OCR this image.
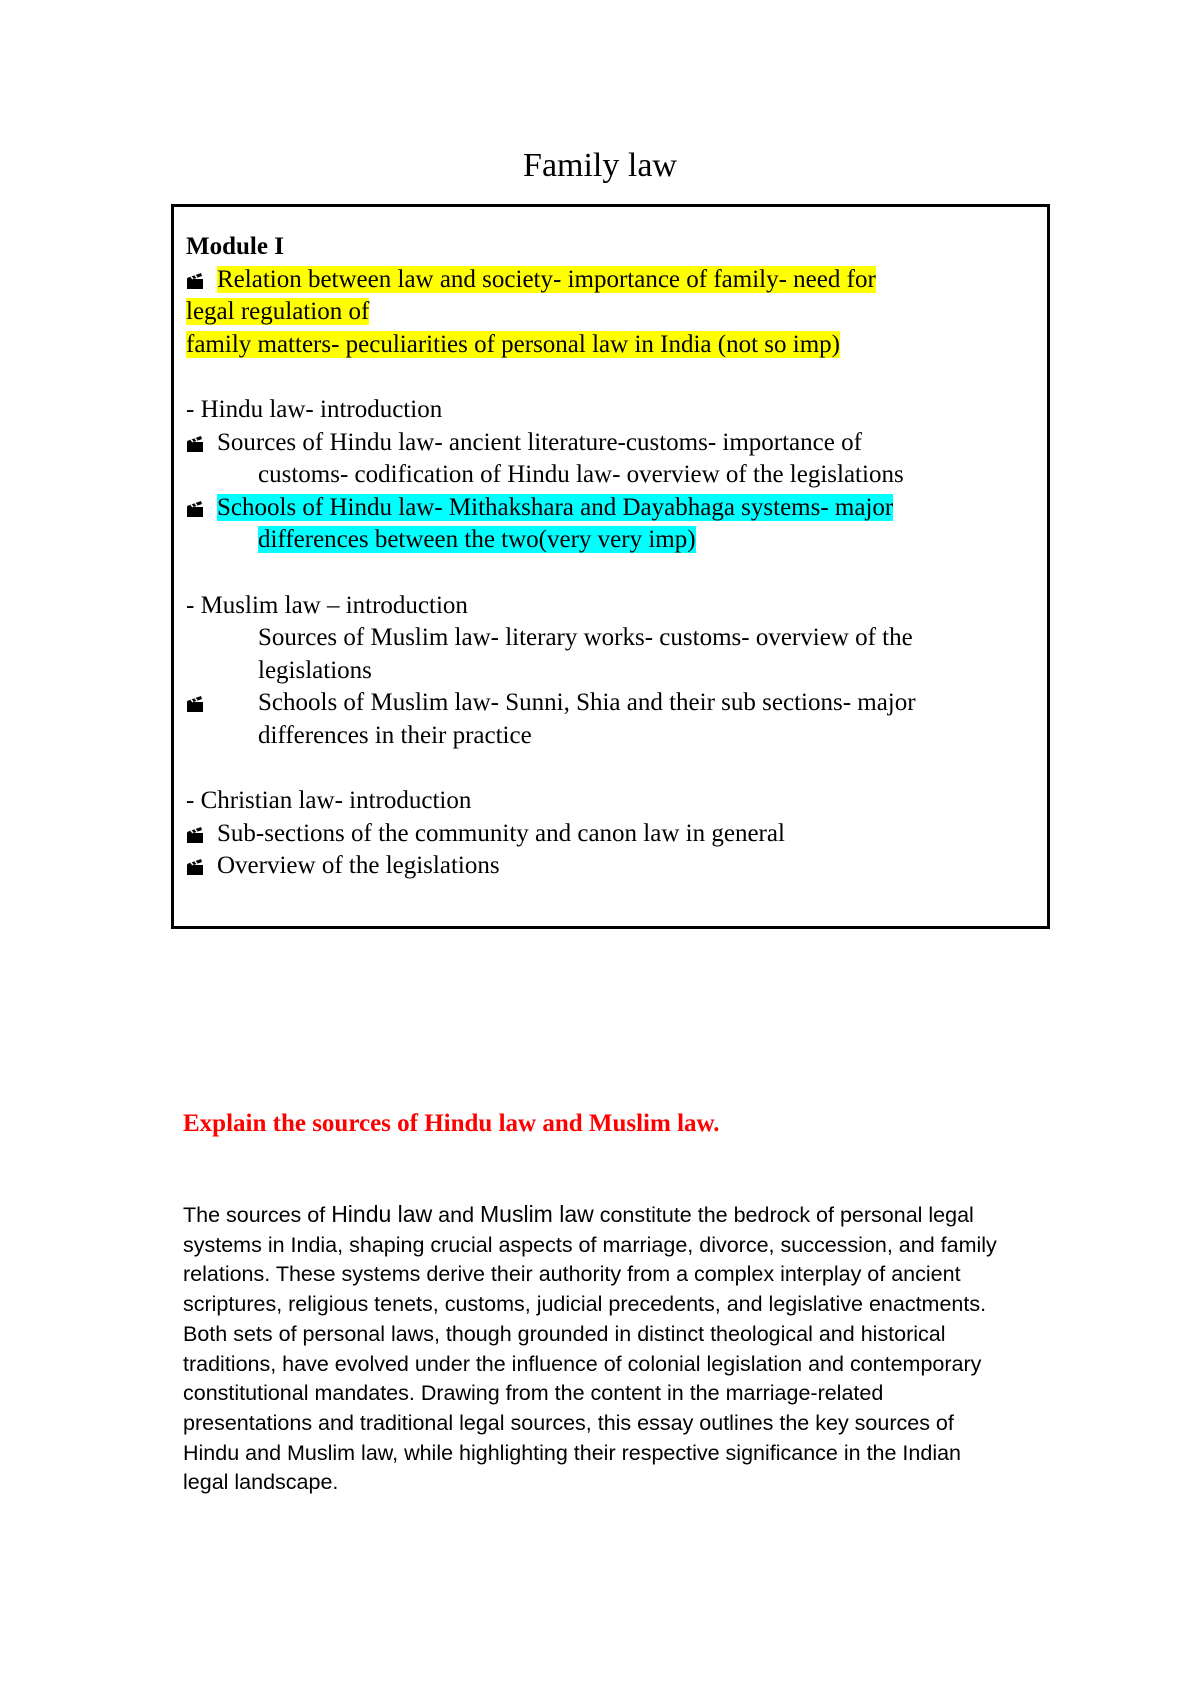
Family law
Module I
Relation between law and society- importance of family- need for
legal regulation of
family matters- peculiarities of personal law in India (not so imp)
- Hindu law- introduction
Sources of Hindu law- ancient literature-customs- importance of
customs- codification of Hindu law- overview of the legislations
Schools of Hindu law- Mithakshara and Dayabhaga systems- major
differences between the two(very very imp)
- Muslim law – introduction
Sources of Muslim law- literary works- customs- overview of the
legislations
Schools of Muslim law- Sunni, Shia and their sub sections- major
differences in their practice
- Christian law- introduction
Sub-sections of the community and canon law in general
Overview of the legislations
Explain the sources of Hindu law and Muslim law.
The sources of Hindu law and Muslim law constitute the bedrock of personal legal
systems in India, shaping crucial aspects of marriage, divorce, succession, and family
relations. These systems derive their authority from a complex interplay of ancient
scriptures, religious tenets, customs, judicial precedents, and legislative enactments.
Both sets of personal laws, though grounded in distinct theological and historical
traditions, have evolved under the influence of colonial legislation and contemporary
constitutional mandates. Drawing from the content in the marriage-related
presentations and traditional legal sources, this essay outlines the key sources of
Hindu and Muslim law, while highlighting their respective significance in the Indian
legal landscape.
